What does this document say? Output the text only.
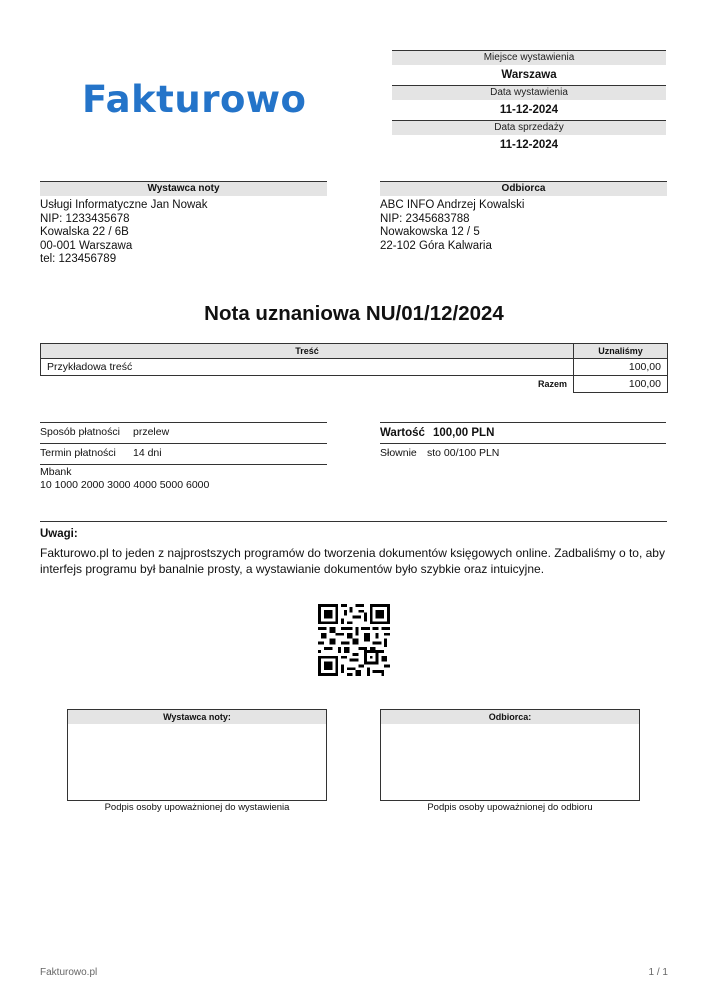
Fakturowo
Miejsce wystawienia
Warszawa
Data wystawienia
11-12-2024
Data sprzedaży
11-12-2024
Wystawca noty
Usługi Informatyczne Jan Nowak
NIP: 1233435678
Kowalska 22 / 6B
00-001 Warszawa
tel: 123456789
Odbiorca
ABC INFO Andrzej Kowalski
NIP: 2345683788
Nowakowska 12 / 5
22-102 Góra Kalwaria
Nota uznaniowa NU/01/12/2024
Treść	Uznaliśmy
Przykładowa treść	100,00
Razem	100,00
Sposób płatności przelew
Termin płatności 14 dni
Mbank
10 1000 2000 3000 4000 5000 6000
Wartość 100,00 PLN
Słownie sto 00/100 PLN
Uwagi:
Fakturowo.pl to jeden z najprostszych programów do tworzenia dokumentów księgowych online. Zadbaliśmy o to, aby interfejs programu był banalnie prosty, a wystawianie dokumentów było szybkie oraz intuicyjne.
Wystawca noty:
Podpis osoby upoważnionej do wystawienia
Odbiorca:
Podpis osoby upoważnionej do odbioru
Fakturowo.pl	1 / 1
